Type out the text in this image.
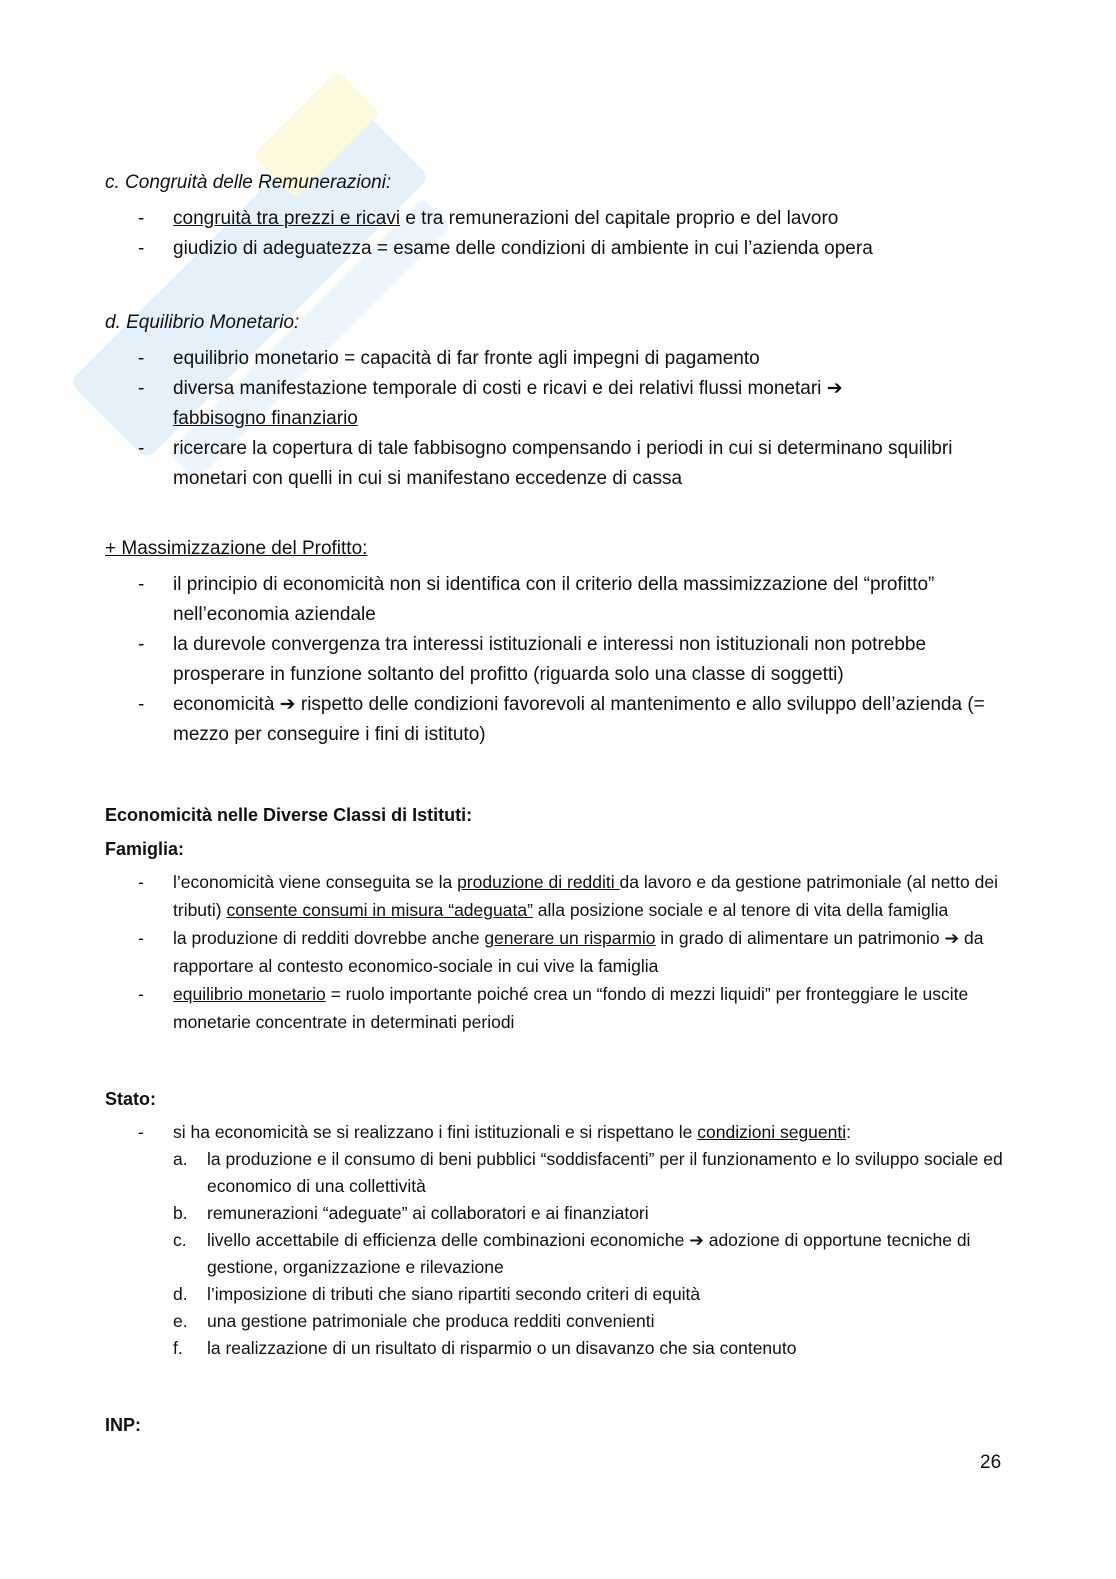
c. Congruità delle Remunerazioni:

- congruità tra prezzi e ricavi e tra remunerazioni del capitale proprio e del lavoro
- giudizio di adeguatezza = esame delle condizioni di ambiente in cui l’azienda opera

d. Equilibrio Monetario:

- equilibrio monetario = capacità di far fronte agli impegni di pagamento
- diversa manifestazione temporale di costi e ricavi e dei relativi flussi monetari ➔
fabbisogno finanziario
- ricercare la copertura di tale fabbisogno compensando i periodi in cui si determinano squilibri monetari con quelli in cui si manifestano eccedenze di cassa

+ Massimizzazione del Profitto:

- il principio di economicità non si identifica con il criterio della massimizzazione del “profitto” nell’economia aziendale
- la durevole convergenza tra interessi istituzionali e interessi non istituzionali non potrebbe prosperare in funzione soltanto del profitto (riguarda solo una classe di soggetti)
- economicità ➔ rispetto delle condizioni favorevoli al mantenimento e allo sviluppo dell’azienda (= mezzo per conseguire i fini di istituto)

Economicità nelle Diverse Classi di Istituti:

Famiglia:

- l’economicità viene conseguita se la produzione di redditi da lavoro e da gestione patrimoniale (al netto dei tributi) consente consumi in misura “adeguata” alla posizione sociale e al tenore di vita della famiglia
- la produzione di redditi dovrebbe anche generare un risparmio in grado di alimentare un patrimonio ➔ da rapportare al contesto economico-sociale in cui vive la famiglia
- equilibrio monetario = ruolo importante poiché crea un “fondo di mezzi liquidi” per fronteggiare le uscite monetarie concentrate in determinati periodi

Stato:

- si ha economicità se si realizzano i fini istituzionali e si rispettano le condizioni seguenti:
a. la produzione e il consumo di beni pubblici “soddisfacenti” per il funzionamento e lo sviluppo sociale ed economico di una collettività
b. remunerazioni “adeguate” ai collaboratori e ai finanziatori
c. livello accettabile di efficienza delle combinazioni economiche ➔ adozione di opportune tecniche di gestione, organizzazione e rilevazione
d. l’imposizione di tributi che siano ripartiti secondo criteri di equità
e. una gestione patrimoniale che produca redditi convenienti
f. la realizzazione di un risultato di risparmio o un disavanzo che sia contenuto

INP:

26
